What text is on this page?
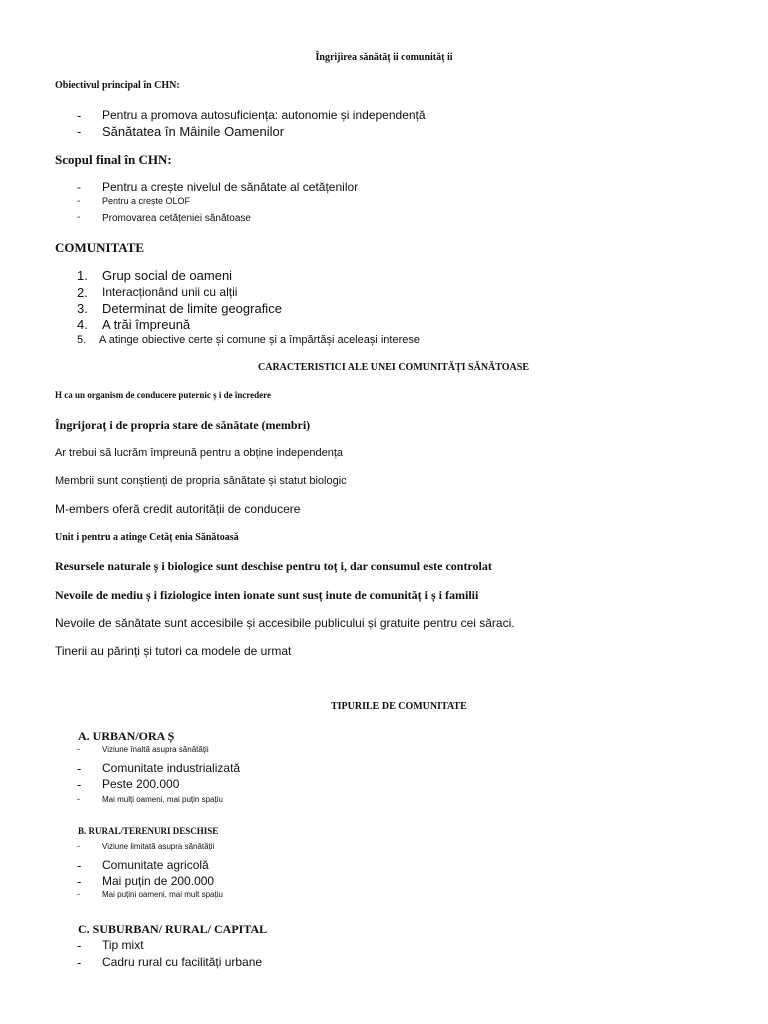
Îngrijirea sănătăț ii comunităț ii
Obiectivul principal în CHN:
- Pentru a promova autosuficiența: autonomie și independență
- Sănătatea în Mâinile Oamenilor
Scopul final în CHN:
- Pentru a crește nivelul de sănătate al cetățenilor
- Pentru a crește OLOF
- Promovarea cetățeniei sănătoase
COMUNITATE
1. Grup social de oameni
2. Interacționând unii cu alții
3. Determinat de limite geografice
4. A trăi împreună
5. A atinge obiective certe și comune și a împărtăși aceleași interese
CARACTERISTICI ALE UNEI COMUNITĂȚI SĂNĂTOASE
H ca un organism de conducere puternic ș i de încredere
Îngrijoraț i de propria stare de sănătate (membri)
Ar trebui să lucrăm împreună pentru a obține independența
Membrii sunt conștienți de propria sănătate și statut biologic
M-embers oferă credit autorității de conducere
Unit i pentru a atinge Cetăț enia Sănătoasă
Resursele naturale ș i biologice sunt deschise pentru toț i, dar consumul este controlat
Nevoile de mediu ș i fiziologice inten ionate sunt susț inute de comunităț i ș i familii
Nevoile de sănătate sunt accesibile și accesibile publicului și gratuite pentru cei săraci.
Tinerii au părinți și tutori ca modele de urmat
TIPURILE DE COMUNITATE
A. URBAN/ORA Ș
-	Viziune înaltă asupra sănătății
- Comunitate industrializată
- Peste 200.000
-	Mai mulți oameni, mai puțin spațiu
B. RURAL/TERENURI DESCHISE
-	Viziune limitată asupra sănătății
- Comunitate agricolă
- Mai puțin de 200.000
-	Mai puțini oameni, mai mult spațiu
C. SUBURBAN/ RURAL/ CAPITAL
- Tip mixt
- Cadru rural cu facilități urbane
